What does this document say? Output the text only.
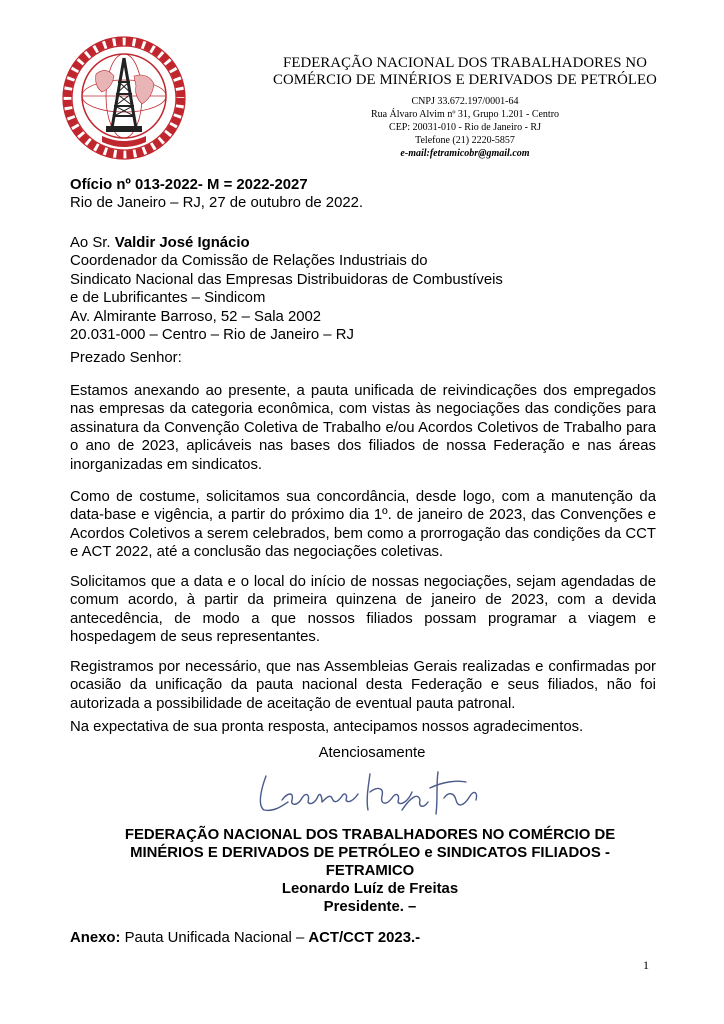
FEDERAÇÃO NACIONAL DOS TRABALHADORES NO
COMÉRCIO DE MINÉRIOS E DERIVADOS DE PETRÓLEO
CNPJ 33.672.197/0001-64
Rua Álvaro Alvim nº 31, Grupo 1.201 - Centro
CEP: 20031-010 - Rio de Janeiro - RJ
Telefone (21) 2220-5857
e-mail:fetramicobr@gmail.com
Ofício nº 013-2022- M = 2022-2027
Rio de Janeiro – RJ, 27 de outubro de 2022.
Ao Sr. Valdir José Ignácio
Coordenador da Comissão de Relações Industriais do
Sindicato Nacional das Empresas Distribuidoras de Combustíveis
e de Lubrificantes – Sindicom
Av. Almirante Barroso, 52 – Sala 2002
20.031-000 – Centro – Rio de Janeiro – RJ
Prezado Senhor:
Estamos anexando ao presente, a pauta unificada de reivindicações dos empregados nas empresas da categoria econômica, com vistas às negociações das condições para assinatura da Convenção Coletiva de Trabalho e/ou Acordos Coletivos de Trabalho para o ano de 2023, aplicáveis nas bases dos filiados de nossa Federação e nas áreas inorganizadas em sindicatos.
Como de costume, solicitamos sua concordância, desde logo, com a manutenção da data-base e vigência, a partir do próximo dia 1º. de janeiro de 2023, das Convenções e Acordos Coletivos a serem celebrados, bem como a prorrogação das condições da CCT e ACT 2022, até a conclusão das negociações coletivas.
Solicitamos que a data e o local do início de nossas negociações, sejam agendadas de comum acordo, à partir da primeira quinzena de janeiro de 2023, com a devida antecedência, de modo a que nossos filiados possam programar a viagem e hospedagem de seus representantes.
Registramos por necessário, que nas Assembleias Gerais realizadas e confirmadas por ocasião da unificação da pauta nacional desta Federação e seus filiados, não foi autorizada a possibilidade de aceitação de eventual pauta patronal.
Na expectativa de sua pronta resposta, antecipamos nossos agradecimentos.
Atenciosamente
FEDERAÇÃO NACIONAL DOS TRABALHADORES NO COMÉRCIO DE
MINÉRIOS E DERIVADOS DE PETRÓLEO e SINDICATOS FILIADOS -
FETRAMICO
Leonardo Luíz de Freitas
Presidente. –
Anexo: Pauta Unificada Nacional – ACT/CCT 2023.-
1
